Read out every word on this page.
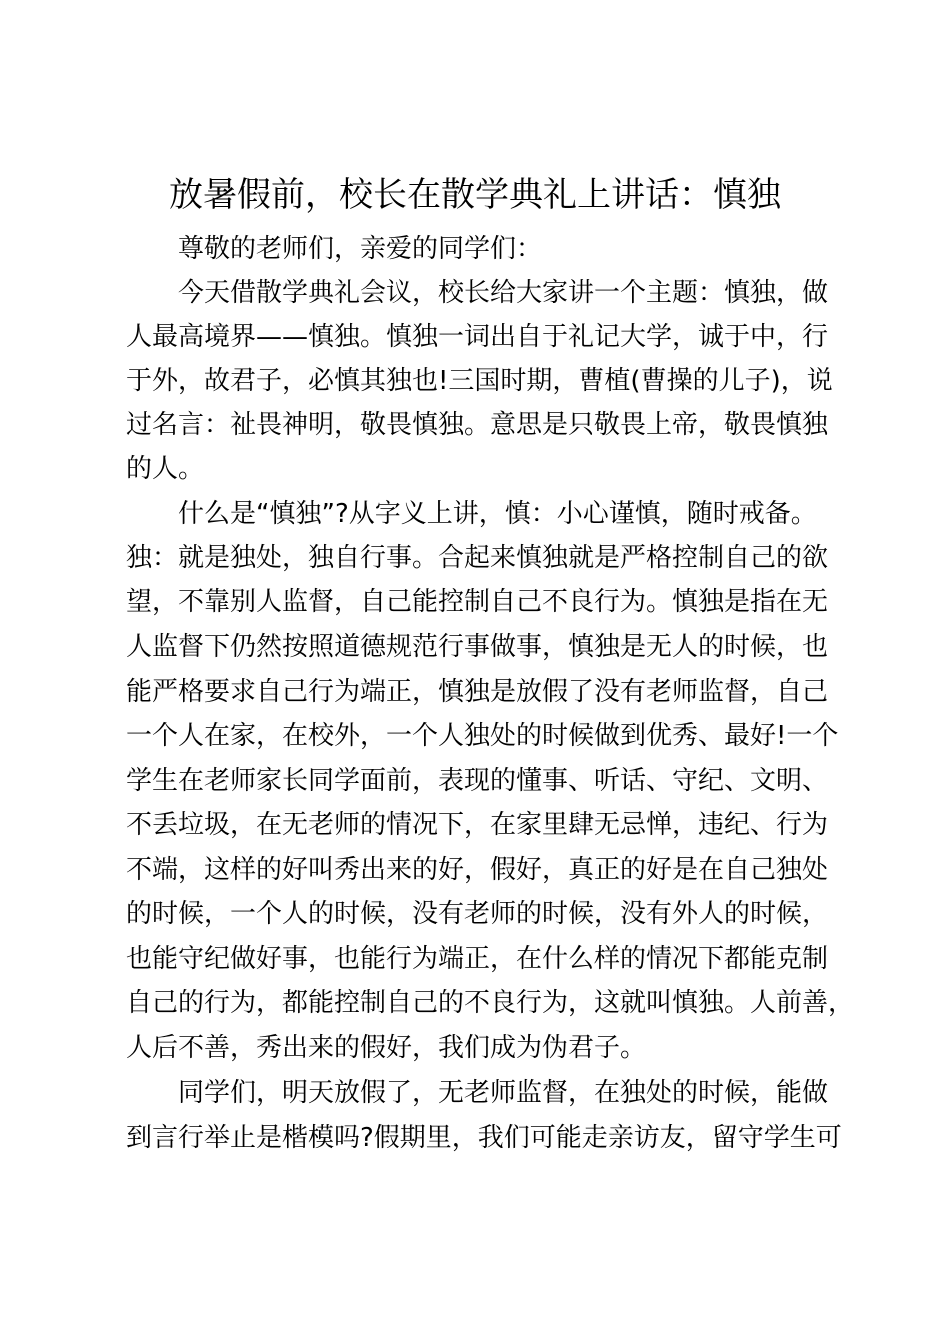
放暑假前，校长在散学典礼上讲话：慎独
尊敬的老师们，亲爱的同学们：
今天借散学典礼会议，校长给大家讲一个主题：慎独，做
人最高境界——慎独。慎独一词出自于礼记大学，诚于中，行
于外，故君子，必慎其独也!三国时期，曹植(曹操的儿子)，说
过名言：祉畏神明，敬畏慎独。意思是只敬畏上帝，敬畏慎独
的人。
什么是“慎独”?从字义上讲，慎：小心谨慎，随时戒备。
独：就是独处，独自行事。合起来慎独就是严格控制自己的欲
望，不靠别人监督，自己能控制自己不良行为。慎独是指在无
人监督下仍然按照道德规范行事做事，慎独是无人的时候，也
能严格要求自己行为端正，慎独是放假了没有老师监督，自己
一个人在家，在校外，一个人独处的时候做到优秀、最好!一个
学生在老师家长同学面前，表现的懂事、听话、守纪、文明、
不丢垃圾，在无老师的情况下，在家里肆无忌惮，违纪、行为
不端，这样的好叫秀出来的好，假好，真正的好是在自己独处
的时候，一个人的时候，没有老师的时候，没有外人的时候，
也能守纪做好事，也能行为端正，在什么样的情况下都能克制
自己的行为，都能控制自己的不良行为，这就叫慎独。人前善，
人后不善，秀出来的假好，我们成为伪君子。
同学们，明天放假了，无老师监督，在独处的时候，能做
到言行举止是楷模吗?假期里，我们可能走亲访友，留守学生可
